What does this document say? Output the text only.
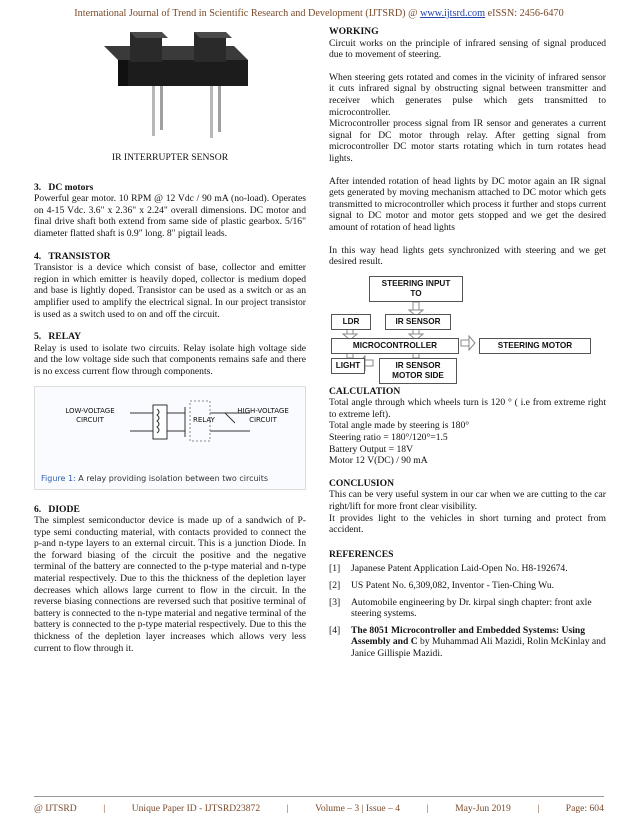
International Journal of Trend in Scientific Research and Development (IJTSRD) @ www.ijtsrd.com eISSN: 2456-6470
IR INTERRUPTER SENSOR

3.   DC motors

Powerful gear motor. 10 RPM @ 12 Vdc / 90 mA (no-load). Operates on 4-15 Vdc. 3.6" x 2.36" x 2.24" overall dimensions. DC motor and final drive shaft both extend from same side of plastic gearbox. 5/16" diameter flatted shaft is 0.9" long. 8" pigtail leads.

4.   TRANSISTOR

Transistor is a device which consist of base, collector and emitter region in which emitter is heavily doped, collector is medium doped and base is lightly doped. Transistor can be used as a switch or as an amplifier used to amplify the electrical signal. In our project transistor is used as a switch used to on and off the circuit.

5.   RELAY

Relay is used to isolate two circuits. Relay isolate high voltage side and the low voltage side such that components remains safe and there is no excess current flow through components.

LOW-VOLTAGE
CIRCUIT	RELAY
HIGH-VOLTAGE
CIRCUIT
Figure 1: A relay providing isolation between two circuits

6.   DIODE

The simplest semiconductor device is made up of a sandwich of P-type semi conducting material, with contacts provided to connect the p-and n-type layers to an external circuit. This is a junction Diode. In the forward biasing of the circuit the positive and the negative terminal of the battery are connected to the p-type material and n-type material respectively. Due to this the thickness of the depletion layer decreases which allows large current to flow in the circuit. In the reverse biasing connections are reversed such that positive terminal of battery is connected to the n-type material and negative terminal of the battery is connected to the p-type material respectively. Due to this the thickness of the depletion layer increases which allows very less current to flow through it.

WORKING

Circuit works on the principle of infrared sensing of signal produced due to movement of steering.

When steering gets rotated and comes in the vicinity of infrared sensor it cuts infrared signal by obstructing signal between transmitter and receiver which generates pulse which gets transmitted to microcontroller.

Microcontroller process signal from IR sensor and generates a current signal for DC motor through relay. After getting signal from microcontroller DC motor starts rotating which in turn rotates head lights.

After intended rotation of head lights by DC motor again an IR signal gets generated by moving mechanism attached to DC motor which gets transmitted to microcontroller which process it further and stops current signal to DC motor and motor gets stopped and we get the desired amount of rotation of head lights

In this way head lights gets synchronized with steering and we get desired result.

STEERING INPUT
TO
LDR	IR SENSOR
MICROCONTROLLER	STEERING MOTOR
LIGHT	IR SENSOR
MOTOR SIDE

CALCULATION

Total angle through which wheels turn is 120 ° ( i.e from extreme right to extreme left).

Total angle made by steering is 180°

Steering ratio = 180°/120°=1.5

Battery Output = 18V

Motor 12 V(DC) / 90 mA

CONCLUSION

This can be very useful system in our car when we are cutting to the car right/lift for more front clear visibility.

It provides light to the vehicles in short turning and protect from accident.

REFERENCES

[1]	Japanese Patent Application Laid-Open No. H8-192674.
[2]	US Patent No. 6,309,082, Inventor - Tien-Ching Wu.
[3]	Automobile engineering by Dr. kirpal singh chapter: front axle steering systems.
[4]	The 8051 Microcontroller and Embedded Systems: Using Assembly and C by Muhammad Ali Mazidi, Rolin McKinlay and Janice Gillispie Mazidi.
@ IJTSRD	|	Unique Paper ID - IJTSRD23872	|	Volume – 3 | Issue – 4	|	May-Jun 2019	|	Page: 604
